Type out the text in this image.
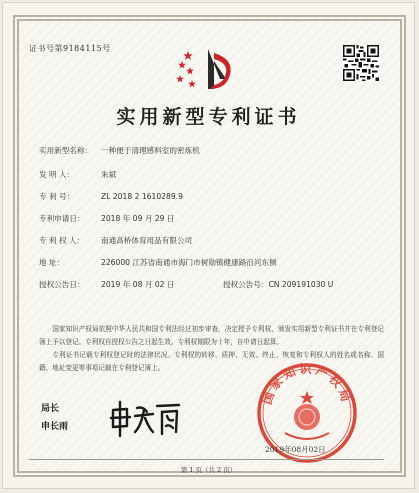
证书号第9184115号
实用新型专利证书
实用新型名称： 一种便于清理感料室的密炼机
发 明 人：	朱斌
专 利 号：	ZL 2018 2 1610289.9
专利申请日： 2018 年 09 月 29 日
专 利 权 人： 南通高桥体育用品有限公司
地 址：	226000 江苏省南通市海门市树勋镇健康路沿河东侧
授权公告日： 2019 年 08 月 02 日	授权公告号：CN 209191030 U

国家知识产权局依照中华人民共和国专利法经过初步审查，决定授予专利权，颁发实用新型专利证书并在专利登记簿上予以登记。专利权自授权公告之日起生效。专利权期限为十年，自申请日起算。

专利证书记载专利权登记时的法律状况。专利权的转移、质押、无效、终止、恢复和专利权人的姓名或名称、国籍、地址变更等事项记载在专利登记簿上。

局长
申长雨
国家知识产权局
2019年08月02日
第 1 页（共 2 页）
